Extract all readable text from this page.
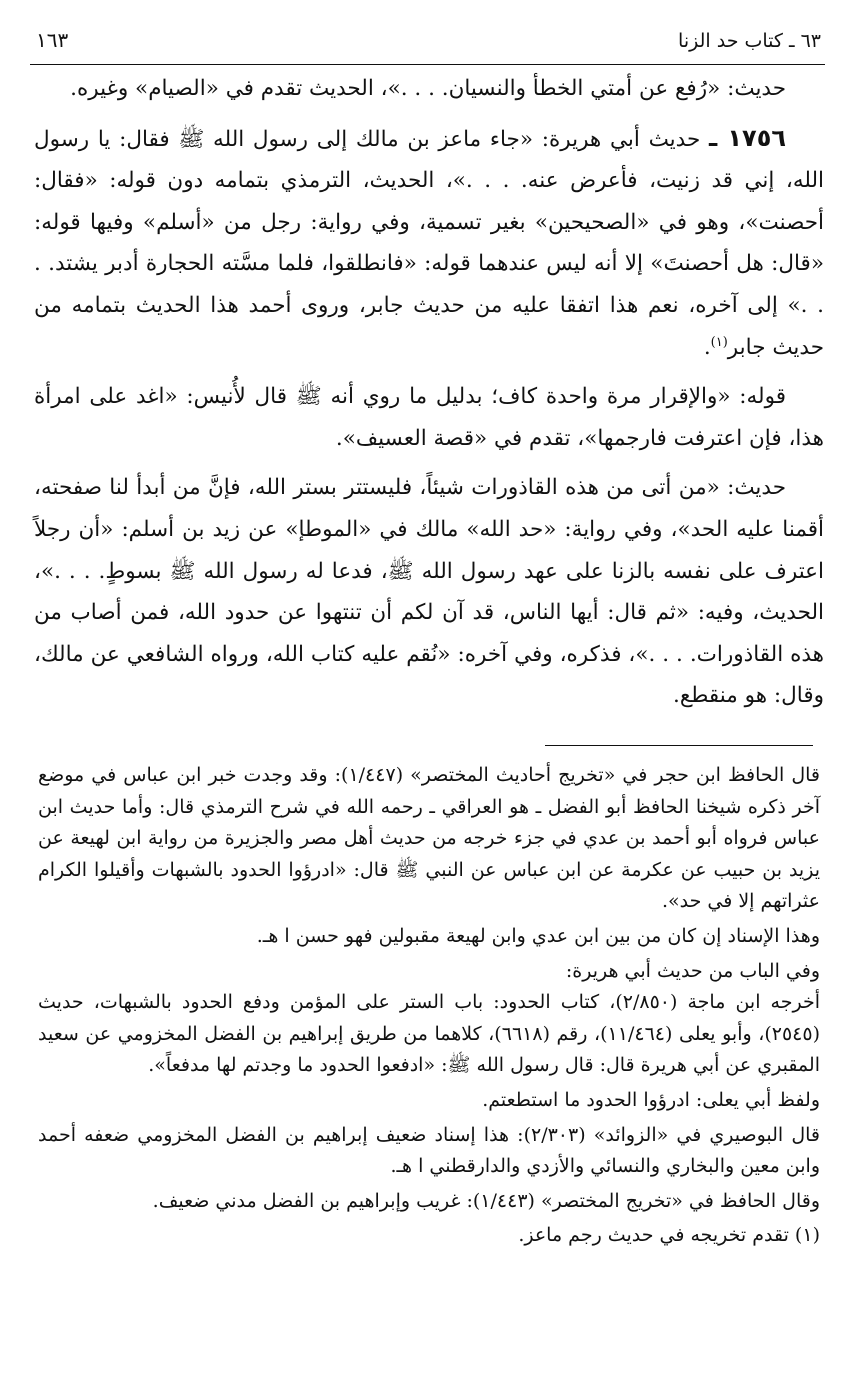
٦٣ ـ كتاب حد الزنا
١٦٣

حديث: «رُفع عن أمتي الخطأ والنسيان. . . .»، الحديث تقدم في «الصيام» وغيره.

١٧٥٦ ـ حديث أبي هريرة: «جاء ماعز بن مالك إلى رسول الله ﷺ فقال: يا رسول الله، إني قد زنيت، فأعرض عنه. . . .»، الحديث، الترمذي بتمامه دون قوله: «فقال: أحصنت»، وهو في «الصحيحين» بغير تسمية، وفي رواية: رجل من «أسلم» وفيها قوله: «قال: هل أحصنتَ» إلا أنه ليس عندهما قوله: «فانطلقوا، فلما مسَّته الحجارة أدبر يشتد. . . .» إلى آخره، نعم هذا اتفقا عليه من حديث جابر، وروى أحمد هذا الحديث بتمامه من حديث جابر$^{(١)}$.

قوله: «والإقرار مرة واحدة كاف؛ بدليل ما روي أنه ﷺ قال لأُنيس: «اغد على امرأة هذا، فإن اعترفت فارجمها»، تقدم في «قصة العسيف».

حديث: «من أتى من هذه القاذورات شيئاً، فليستتر بستر الله، فإنَّ من أبدأ لنا صفحته، أقمنا عليه الحد»، وفي رواية: «حد الله» مالك في «الموطإ» عن زيد بن أسلم: «أن رجلاً اعترف على نفسه بالزنا على عهد رسول الله ﷺ، فدعا له رسول الله ﷺ بسوطٍ. . . .»، الحديث، وفيه: «ثم قال: أيها الناس، قد آن لكم أن تنتهوا عن حدود الله، فمن أصاب من هذه القاذورات. . . .»، فذكره، وفي آخره: «نُقم عليه كتاب الله، ورواه الشافعي عن مالك، وقال: هو منقطع.

قال الحافظ ابن حجر في «تخريج أحاديث المختصر» (١/٤٤٧): وقد وجدت خبر ابن عباس في موضع آخر ذكره شيخنا الحافظ أبو الفضل ـ هو العراقي ـ رحمه الله في شرح الترمذي قال: وأما حديث ابن عباس فرواه أبو أحمد بن عدي في جزء خرجه من حديث أهل مصر والجزيرة من رواية ابن لهيعة عن يزيد بن حبيب عن عكرمة عن ابن عباس عن النبي ﷺ قال: «ادرؤوا الحدود بالشبهات وأقيلوا الكرام عثراتهم إلا في حد».

وهذا الإسناد إن كان من بين ابن عدي وابن لهيعة مقبولين فهو حسن ا هـ.

وفي الباب من حديث أبي هريرة:

أخرجه ابن ماجة (٢/٨٥٠)، كتاب الحدود: باب الستر على المؤمن ودفع الحدود بالشبهات، حديث (٢٥٤٥)، وأبو يعلى (١١/٤٦٤)، رقم (٦٦١٨)، كلاهما من طريق إبراهيم بن الفضل المخزومي عن سعيد المقبري عن أبي هريرة قال: قال رسول الله ﷺ: «ادفعوا الحدود ما وجدتم لها مدفعاً».

ولفظ أبي يعلى: ادرؤوا الحدود ما استطعتم.

قال البوصيري في «الزوائد» (٢/٣٠٣): هذا إسناد ضعيف إبراهيم بن الفضل المخزومي ضعفه أحمد وابن معين والبخاري والنسائي والأزدي والدارقطني ا هـ.

وقال الحافظ في «تخريج المختصر» (١/٤٤٣): غريب وإبراهيم بن الفضل مدني ضعيف.

(١) تقدم تخريجه في حديث رجم ماعز.
